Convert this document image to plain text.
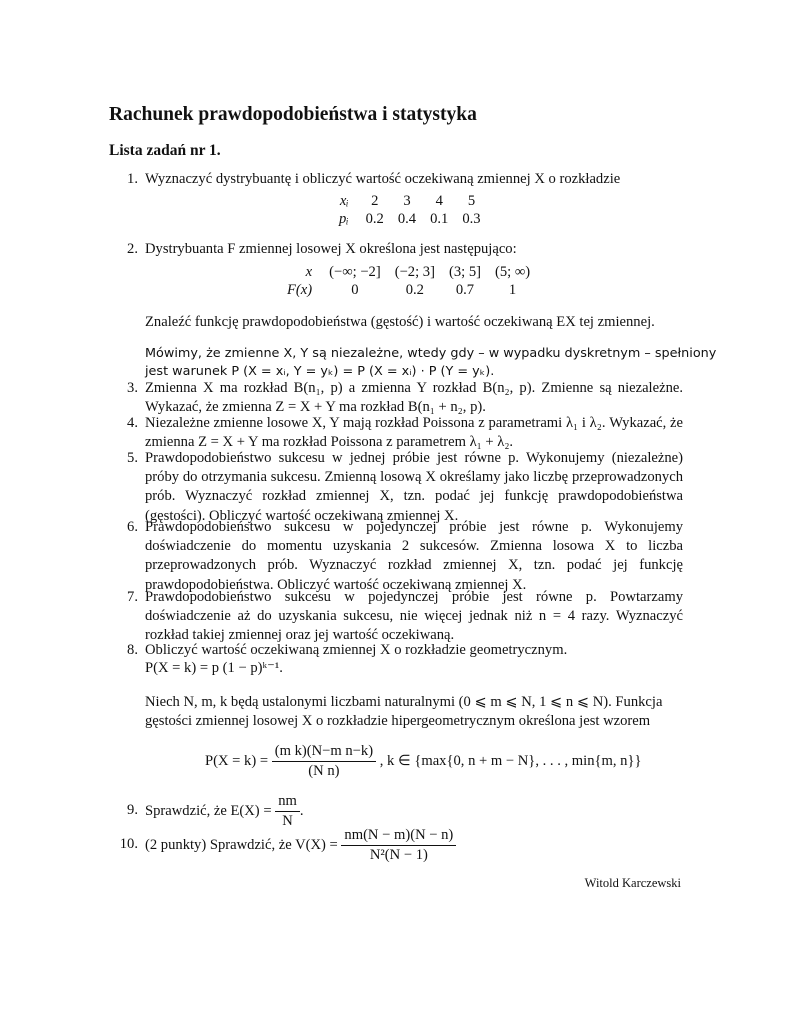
Rachunek prawdopodobieństwa i statystyka
Lista zadań nr 1.
1. Wyznaczyć dystrybuantę i obliczyć wartość oczekiwaną zmiennej X o rozkładzie
xᵢ	2	3	4	5
pᵢ	0.2	0.4	0.1	0.3
2. Dystrybuanta F zmiennej losowej X określona jest następująco:
x	(−∞; −2]	(−2; 3]	(3; 5]	(5; ∞)
F(x)	0	0.2	0.7	1
Znaleźć funkcję prawdopodobieństwa (gęstość) i wartość oczekiwaną EX tej zmiennej.
Mówimy, że zmienne X, Y są niezależne, wtedy gdy – w wypadku dyskretnym – spełniony
jest warunek P (X = xᵢ, Y = yₖ) = P (X = xᵢ) · P (Y = yₖ).
3. Zmienna X ma rozkład B(n₁, p) a zmienna Y rozkład B(n₂, p). Zmienne są niezależne. Wykazać, że zmienna Z = X + Y ma rozkład B(n₁ + n₂, p).
4. Niezależne zmienne losowe X, Y mają rozkład Poissona z parametrami λ₁ i λ₂. Wykazać, że zmienna Z = X + Y ma rozkład Poissona z parametrem λ₁ + λ₂.
5. Prawdopodobieństwo sukcesu w jednej próbie jest równe p. Wykonujemy (niezależne) próby do otrzymania sukcesu. Zmienną losową X określamy jako liczbę przeprowadzonych prób. Wyznaczyć rozkład zmiennej X, tzn. podać jej funkcję prawdopodobieństwa (gęstości). Obliczyć wartość oczekiwaną zmiennej X.
6. Prawdopodobieństwo sukcesu w pojedynczej próbie jest równe p. Wykonujemy doświadczenie do momentu uzyskania 2 sukcesów. Zmienna losowa X to liczba przeprowadzonych prób. Wyznaczyć rozkład zmiennej X, tzn. podać jej funkcję prawdopodobieństwa. Obliczyć wartość oczekiwaną zmiennej X.
7. Prawdopodobieństwo sukcesu w pojedynczej próbie jest równe p. Powtarzamy doświadczenie aż do uzyskania sukcesu, nie więcej jednak niż n = 4 razy. Wyznaczyć rozkład takiej zmiennej oraz jej wartość oczekiwaną.
8. Obliczyć wartość oczekiwaną zmiennej X o rozkładzie geometrycznym.
P(X = k) = p (1 − p)ᵏ⁻¹.
Niech N, m, k będą ustalonymi liczbami naturalnymi (0 ⩽ m ⩽ N, 1 ⩽ n ⩽ N). Funkcja
gęstości zmiennej losowej X o rozkładzie hipergeometrycznym określona jest wzorem
$P(X = k) = \frac{\text{(m k)(N−m n−k)}}{\text{(N n)}}$ , k ∈ {max{0, n + m − N}, . . . , min{m, n}}
9. Sprawdzić, że $E(X) = \frac{nm}{N}$ .
10. (2 punkty) Sprawdzić, że $V(X) = \frac{nm(N - m)(N - n)}{\text{N²(N − 1)}}$
Witold Karczewski
